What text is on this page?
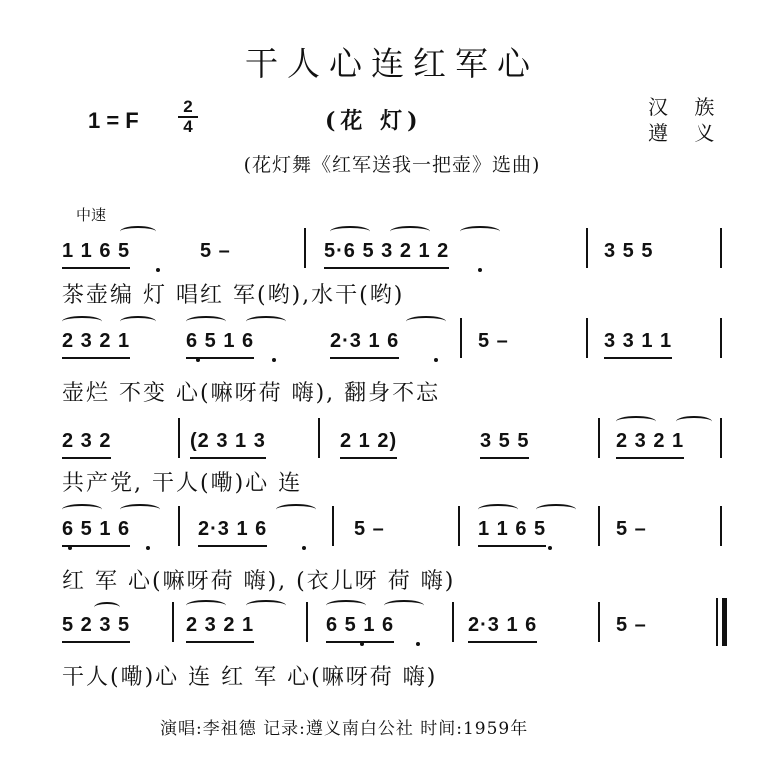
干人心连红军心
1 = F $\frac{2}{4}$	(花 灯)
汉 族
遵 义
(花灯舞《红军送我一把壶》选曲)
中速
1 1 6 5	5 –	5·6 5 3 2 1 2	3 5 5
茶壶编 灯 唱红 军(哟),水干(哟)
2 3 2 1	6 5 1 6	2·3 1 6	5 –	3 3 1 1
壶烂 不变 心(嘛呀荷 嗨), 翻身不忘
2 3 2	(2 3 1 3	2 1 2)	3 5 5	2 3 2 1
共产党, 干人(嘞)心 连
6 5 1 6	2·3 1 6	5 –	1 1 6 5	5 –
红 军 心(嘛呀荷 嗨), (衣儿呀 荷 嗨)
5 2 3 5	2 3 2 1	6 5 1 6	2·3 1 6	5 –
干人(嘞)心 连 红 军 心(嘛呀荷 嗨)
演唱:李祖德 记录:遵义南白公社 时间:1959年
